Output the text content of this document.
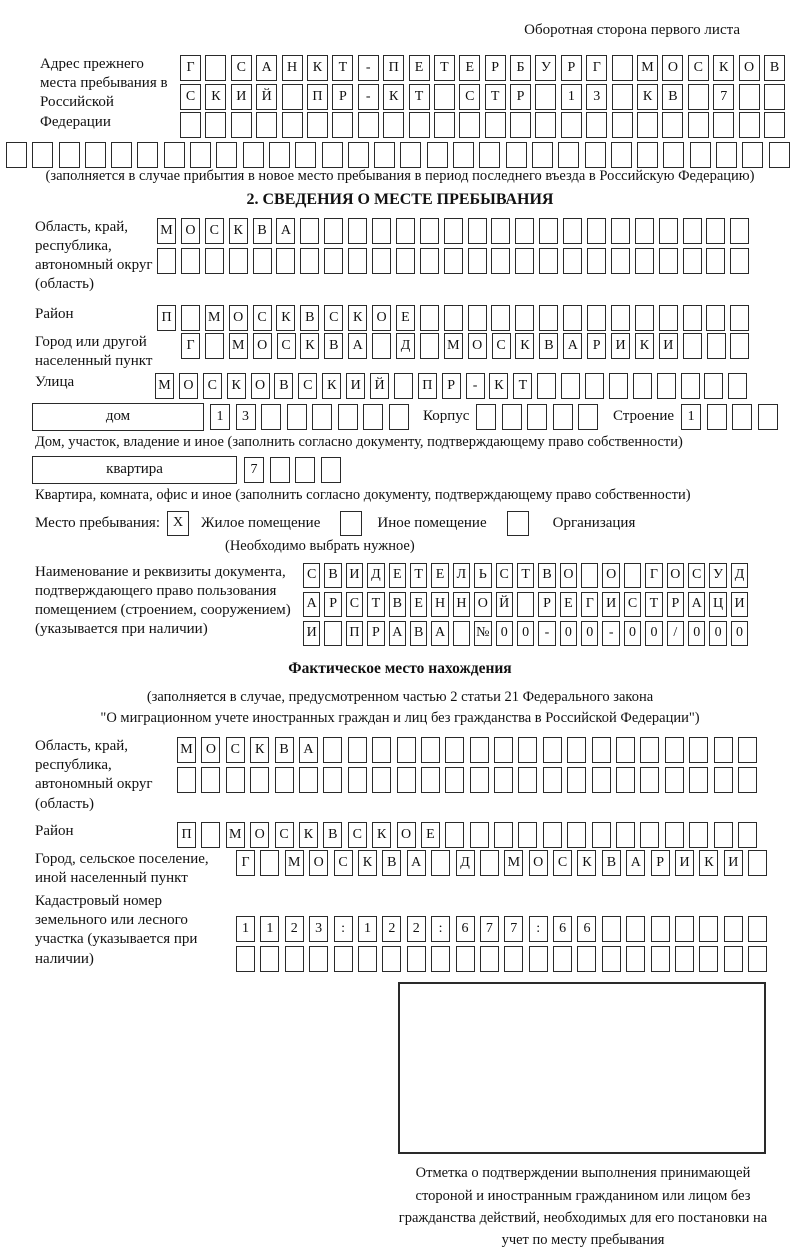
Оборотная сторона первого листа
Адрес прежнего места пребывания в Российской Федерации
Г	С	А	Н	К	Т	-	П	Е	Т	Е	Р	Б	У	Р	Г	М	О	С	К	О	В
С	К	И	Й	П	Р	-	К	Т	С	Т	Р	1	3	К	В	7
(заполняется в случае прибытия в новое место пребывания в период последнего въезда в Российскую Федерацию)
2. СВЕДЕНИЯ О МЕСТЕ ПРЕБЫВАНИЯ
Область, край, республика, автономный округ (область)
М О	С	К	В	А
Район	П	М О	С	К	В	С	К	О	Е
Город или другой населенный пункт
Г	М О	С	К	В	А	Д	М О	С	К	В	А	Р	И	К	И
Улица	М О	С	К	О	В	С	К	И Й	П	Р	-	К	Т
дом	1	3	Корпус	Строение 1
Дом, участок, владение и иное (заполнить согласно документу, подтверждающему право собственности)
квартира	7
Квартира, комната, офис и иное (заполнить согласно документу, подтверждающему право собственности)
Место пребывания: X	Жилое помещение	Иное помещение	Организация
(Необходимо выбрать нужное)
Наименование и реквизиты документа, подтверждающего право пользования помещением (строением, сооружением) (указывается при наличии)
С В И Д Е Т Е Л Ь С Т В О О	Г О С У Д
А Р С Т В Е Н Н О Й	Р Е Г И С Т Р А Ц И
И П Р А В А № 0	0	-	0	0	-	0	0	/	0	0	0
Фактическое место нахождения
(заполняется в случае, предусмотренном частью 2 статьи 21 Федерального закона
"О миграционном учете иностранных граждан и лиц без гражданства в Российской Федерации")
Область, край, республика, автономный округ (область)
М О	С	К	В	А
Район	П	М О	С	К	В	С	К	О	Е
Город, сельское поселение, иной населенный пункт
Г	М О	С	К	В	А	Д	М О	С	К	В	А	Р	И	К	И
Кадастровый номер земельного или лесного участка (указывается при наличии)
1	1	2	3	:	1	2	2	:	6	7	7	:	6	6
Отметка о подтверждении выполнения принимающей стороной и иностранным гражданином или лицом без гражданства действий, необходимых для его постановки на учет по месту пребывания
